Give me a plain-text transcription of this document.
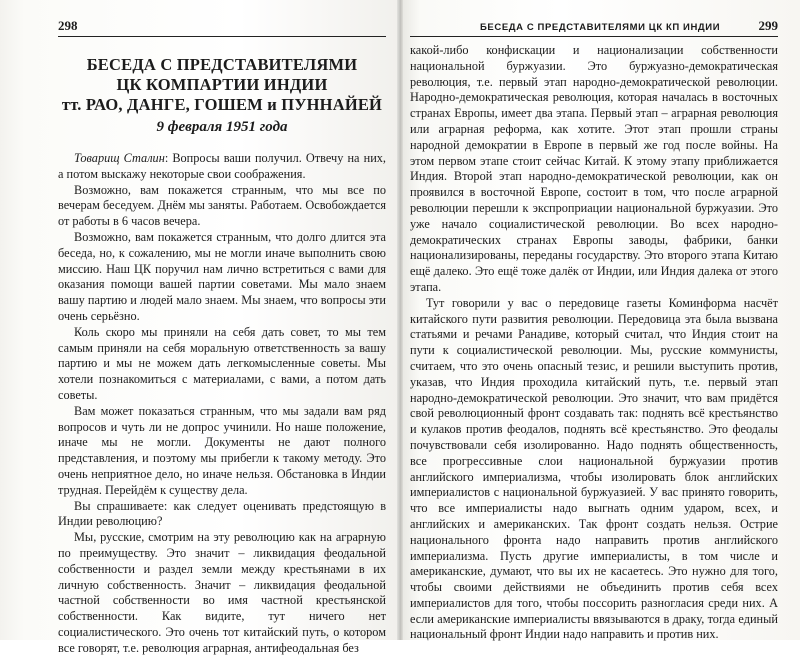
298
БЕСЕДА С ПРЕДСТАВИТЕЛЯМИ
ЦК КОМПАРТИИ ИНДИИ
тт. РАО, ДАНГЕ, ГОШЕМ и ПУННАЙЕЙ
9 февраля 1951 года

Товарищ Сталин: Вопросы ваши получил. Отвечу на них, а потом выскажу некоторые свои соображения.

Возможно, вам покажется странным, что мы все по вечерам беседуем. Днём мы заняты. Работаем. Освобождается от работы в 6 часов вечера.

Возможно, вам покажется странным, что долго длится эта беседа, но, к сожалению, мы не могли иначе выполнить свою миссию. Наш ЦК поручил нам лично встретиться с вами для оказания помощи вашей партии советами. Мы мало знаем вашу партию и людей мало знаем. Мы знаем, что вопросы эти очень серьёзно.

Коль скоро мы приняли на себя дать совет, то мы тем самым приняли на себя моральную ответственность за вашу партию и мы не можем дать легкомысленные советы. Мы хотели познакомиться с материалами, с вами, а потом дать советы.

Вам может показаться странным, что мы задали вам ряд вопросов и чуть ли не допрос учинили. Но наше положение, иначе мы не могли. Документы не дают полного представления, и поэтому мы прибегли к такому методу. Это очень неприятное дело, но иначе нельзя. Обстановка в Индии трудная. Перейдём к существу дела.

Вы спрашиваете: как следует оценивать предстоящую в Индии революцию?

Мы, русские, смотрим на эту революцию как на аграрную по преимуществу. Это значит – ликвидация феодальной собственности и раздел земли между крестьянами в их личную собственность. Значит – ликвидация феодальной частной собственности во имя частной крестьянской собственности. Как видите, тут ничего нет социалистического. Это очень тот китайский путь, о котором все говорят, т.е. революция аграрная, антифеодальная без

БЕСЕДА С ПРЕДСТАВИТЕЛЯМИ ЦК КП ИНДИИ	299

какой-либо конфискации и национализации собственности национальной буржуазии. Это буржуазно-демократическая революция, т.е. первый этап народно-демократической революции. Народно-демократическая революция, которая началась в восточных странах Европы, имеет два этапа. Первый этап – аграрная революция или аграрная реформа, как хотите. Этот этап прошли страны народной демократии в Европе в первый же год после войны. На этом первом этапе стоит сейчас Китай. К этому этапу приближается Индия. Второй этап народно-демократической революции, как он проявился в восточной Европе, состоит в том, что после аграрной революции перешли к экспроприации национальной буржуазии. Это уже начало социалистической революции. Во всех народно-демократических странах Европы заводы, фабрики, банки национализированы, переданы государству. Это второго этапа Китаю ещё далеко. Это ещё тоже далёк от Индии, или Индия далека от этого этапа.

Тут говорили у вас о передовице газеты Коминформа насчёт китайского пути развития революции. Передовица эта была вызвана статьями и речами Ранадиве, который считал, что Индия стоит на пути к социалистической революции. Мы, русские коммунисты, считаем, что это очень опасный тезис, и решили выступить против, указав, что Индия проходила китайский путь, т.е. первый этап народно-демократической революции. Это значит, что вам придётся свой революционный фронт создавать так: поднять всё крестьянство и кулаков против феодалов, поднять всё крестьянство. Это феодалы почувствовали себя изолированно. Надо поднять общественность, все прогрессивные слои национальной буржуазии против английского империализма, чтобы изолировать блок английских империалистов с национальной буржуазией. У вас принято говорить, что все империалисты надо выгнать одним ударом, всех, и английских и американских. Так фронт создать нельзя. Острие национального фронта надо направить против английского империализма. Пусть другие империалисты, в том числе и американские, думают, что вы их не касаетесь. Это нужно для того, чтобы своими действиями не объединить против себя всех империалистов для того, чтобы поссорить разногласия среди них. А если американские империалисты ввязываются в драку, тогда единый национальный фронт Индии надо направить и против них.
